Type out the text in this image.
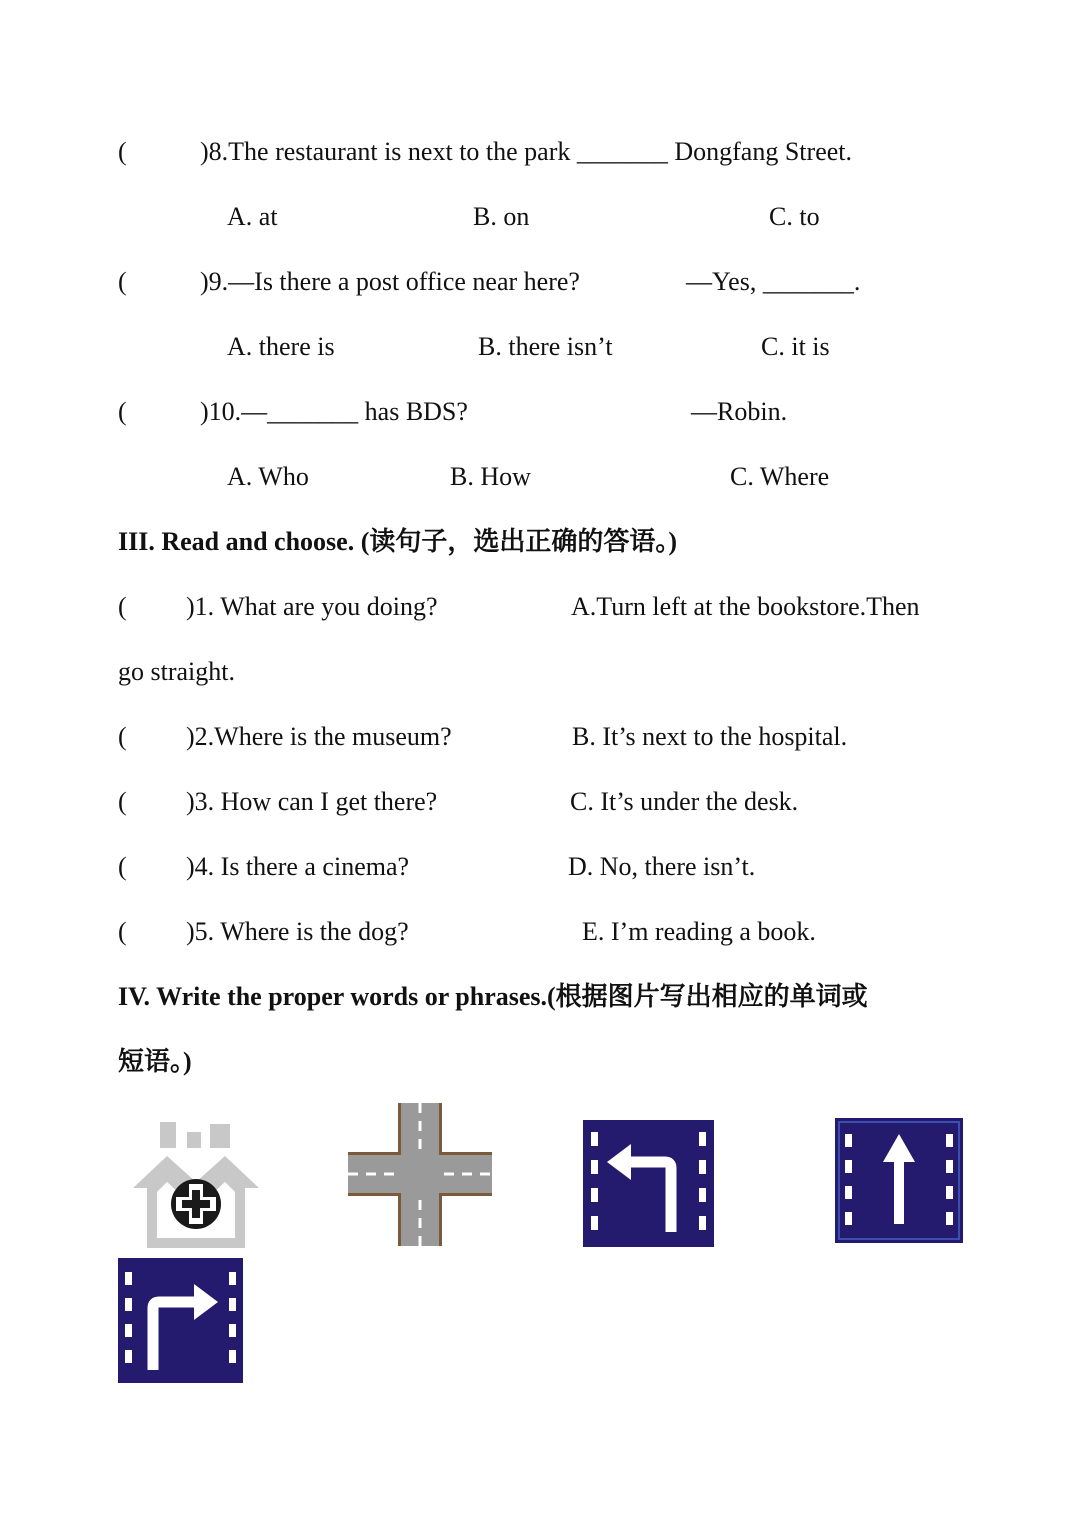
(	)8.The restaurant is next to the park _______ Dongfang Street.
A. at	B. on	C. to
(	)9.—Is there a post office near here?	—Yes, _______.
A. there is	B. there isn’t	C. it is
(	)10.—_______ has BDS?	—Robin.
A. Who	B. How	C. Where
III. Read and choose. (读句子，选出正确的答语。)
( )1. What are you doing?	A.Turn left at the bookstore.Then
go straight.
( )2.Where is the museum?	B. It’s next to the hospital.
( )3. How can I get there?	C. It’s under the desk.
( )4. Is there a cinema?	D. No, there isn’t.
( )5. Where is the dog?	E. I’m reading a book.
IV. Write the proper words or phrases.(根据图片写出相应的单词或
短语。)
